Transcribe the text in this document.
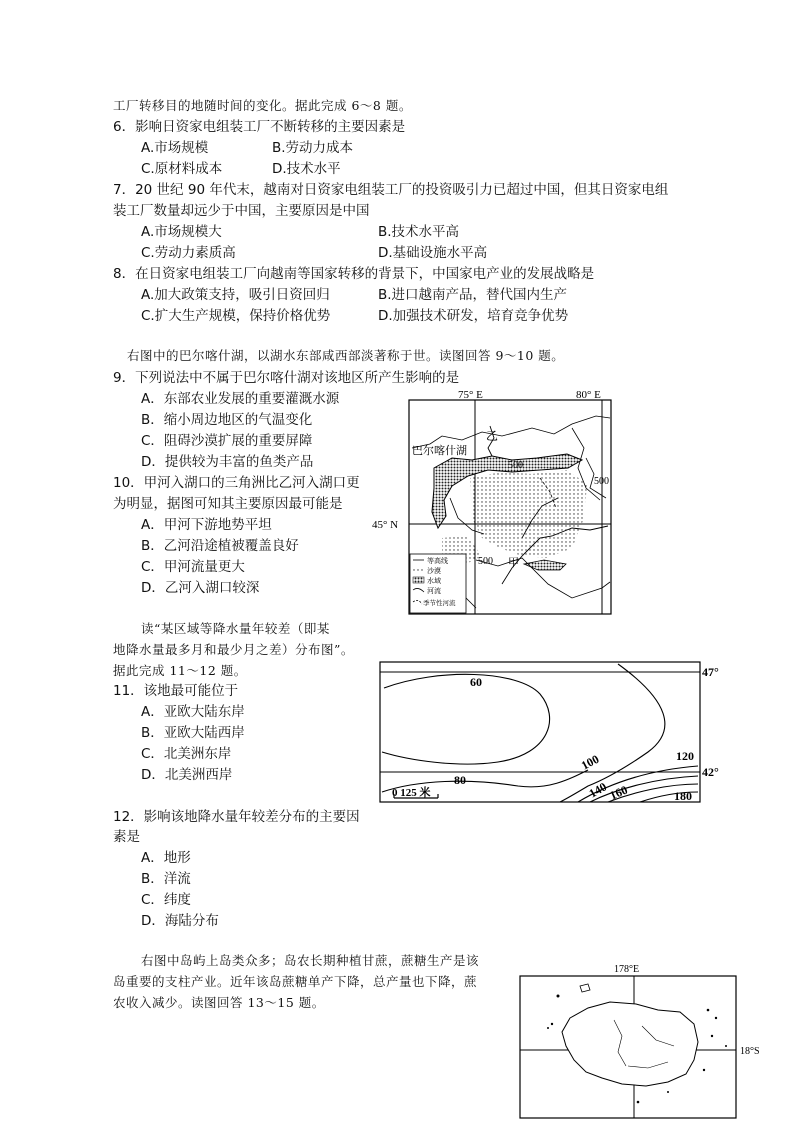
工厂转移目的地随时间的变化。据此完成 6～8 题。
6．影响日资家电组装工厂不断转移的主要因素是
A.市场规模	B.劳动力成本
C.原材料成本	D.技术水平
7．20 世纪 90 年代末，越南对日资家电组装工厂的投资吸引力已超过中国，但其日资家电组
装工厂数量却远少于中国，主要原因是中国
A.市场规模大	B.技术水平高
C.劳动力素质高	D.基础设施水平高
8．在日资家电组装工厂向越南等国家转移的背景下，中国家电产业的发展战略是
A.加大政策支持，吸引日资回归	B.进口越南产品，替代国内生产
C.扩大生产规模，保持价格优势	D.加强技术研发，培育竞争优势
右图中的巴尔喀什湖，以湖水东部咸西部淡著称于世。读图回答 9～10 题。
9．下列说法中不属于巴尔喀什湖对该地区所产生影响的是
A．东部农业发展的重要灌溉水源
B．缩小周边地区的气温变化
C．阻碍沙漠扩展的重要屏障
D．提供较为丰富的鱼类产品
10．甲河入湖口的三角洲比乙河入湖口更
为明显，据图可知其主要原因最可能是
A．甲河下游地势平坦
B．乙河沿途植被覆盖良好
C．甲河流量更大
D．乙河入湖口较深
75° E	80° E
45° N
巴尔喀什湖
乙
甲
500
500
500
等高线
沙漠
水域
河流
季节性河流
读“某区域等降水量年较差（即某
地降水量最多月和最少月之差）分布图”。
据此完成 11～12 题。
11．该地最可能位于
A．亚欧大陆东岸
B．亚欧大陆西岸
C．北美洲东岸
D．北美洲西岸
60
80
100	120
140
160	180
0 125 米
47°
42°
12．影响该地降水量年较差分布的主要因
素是
A．地形
B．洋流
C．纬度
D．海陆分布
右图中岛屿上岛类众多；岛农长期种植甘蔗，蔗糖生产是该
岛重要的支柱产业。近年该岛蔗糖单产下降，总产量也下降，蔗
农收入减少。读图回答 13～15 题。
178°E
18°S
